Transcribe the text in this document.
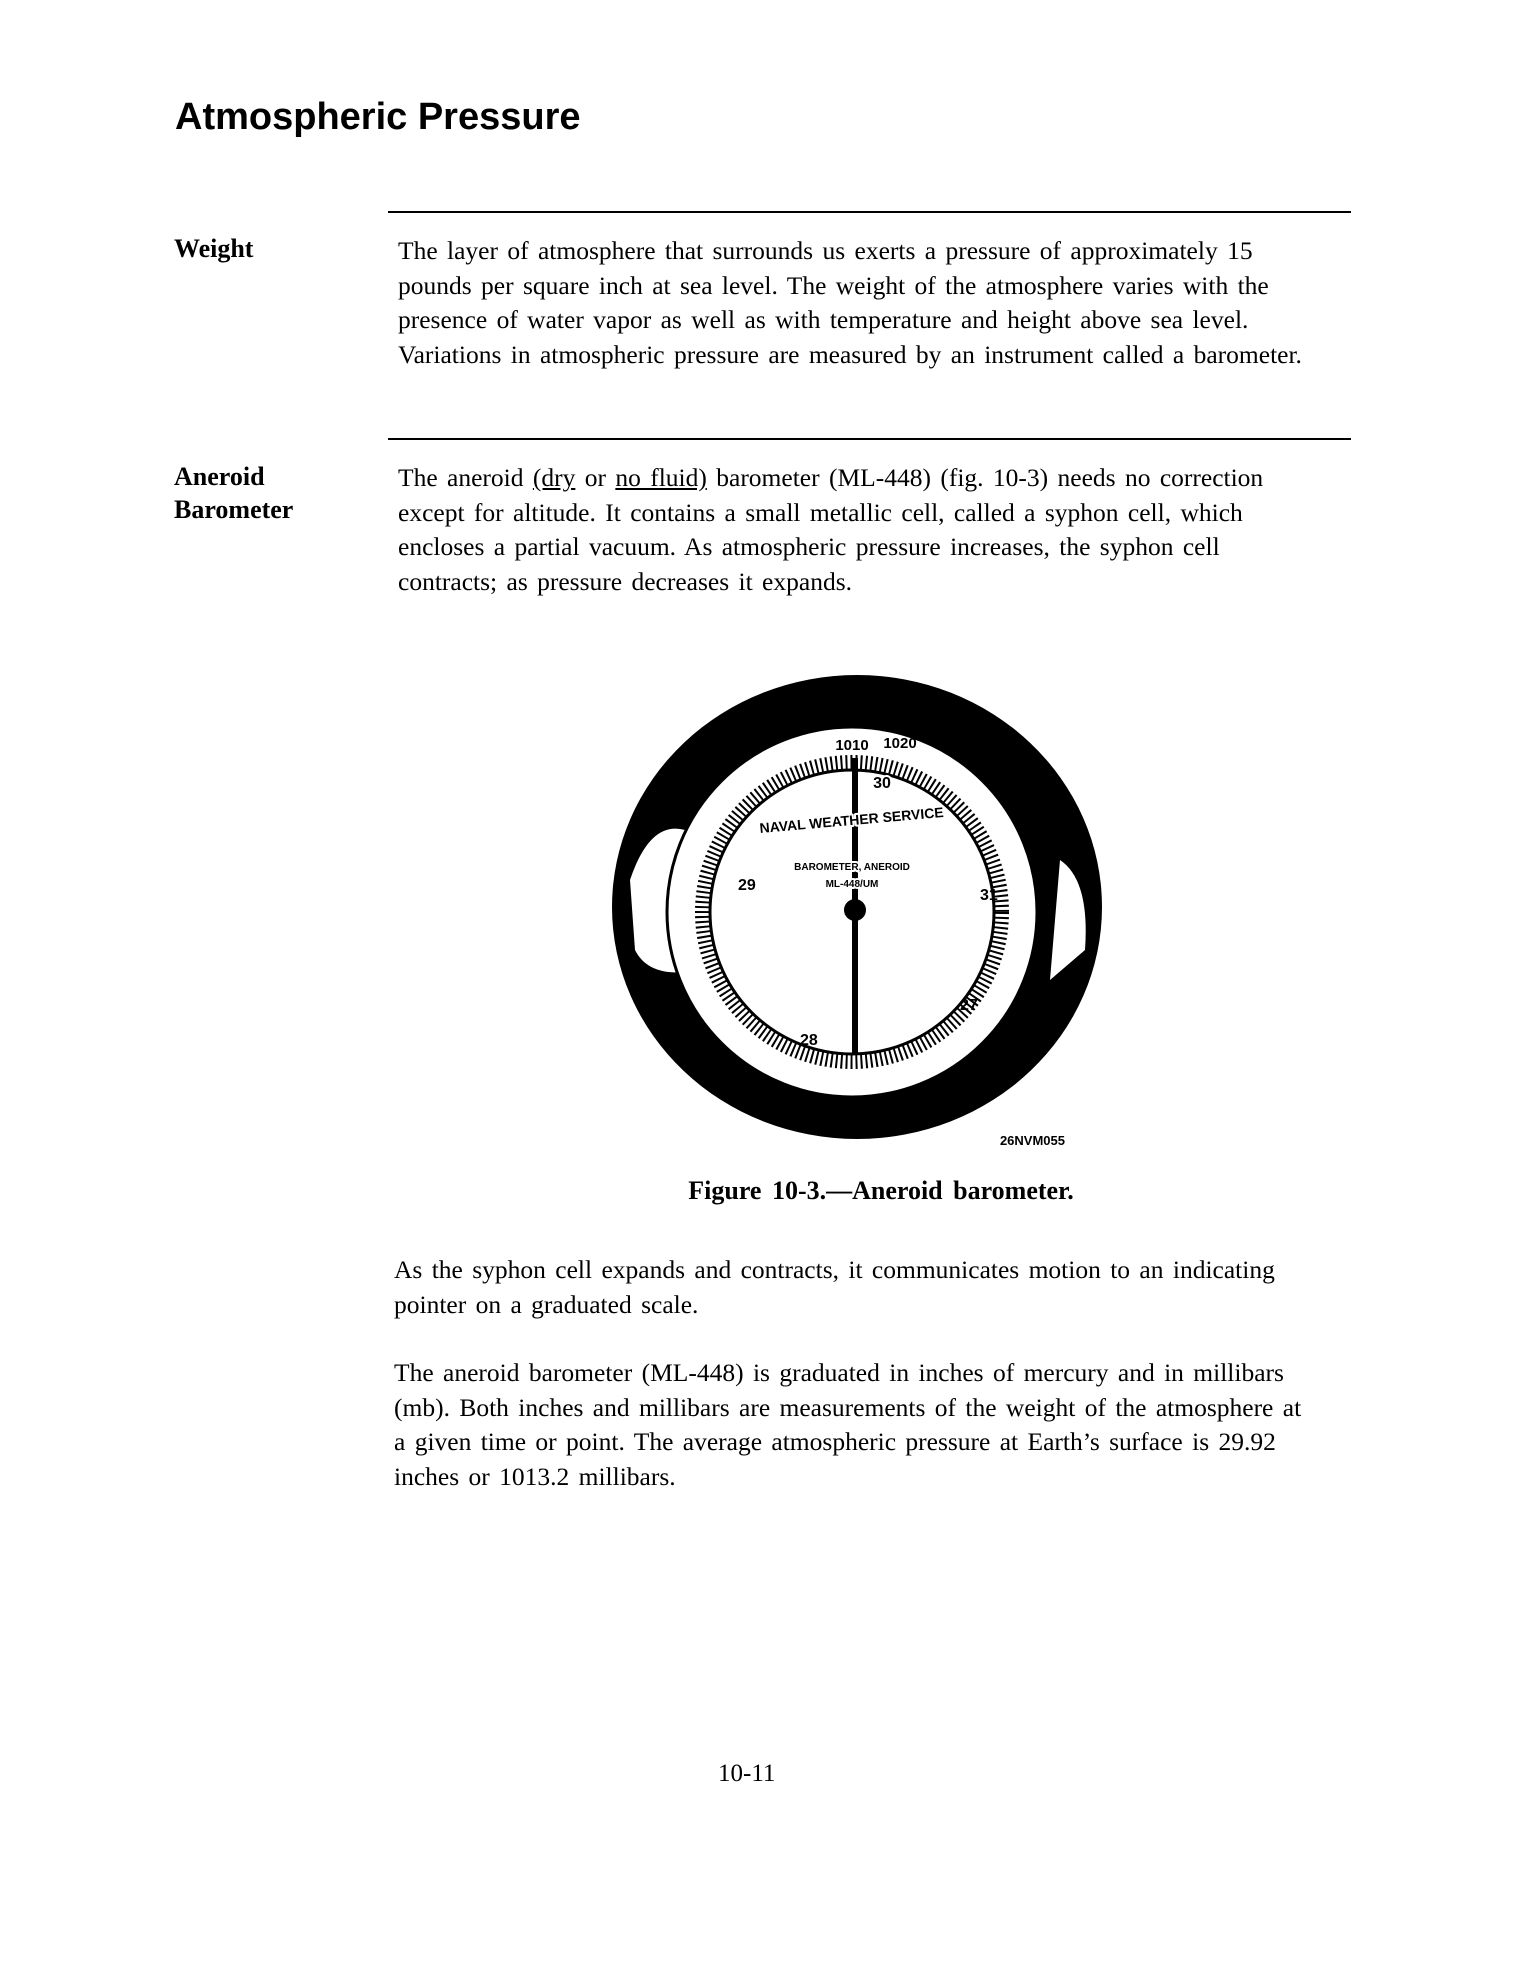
Atmospheric Pressure
Weight	The layer of atmosphere that surrounds us exerts a pressure of approximately 15 pounds per square inch at sea level. The weight of the atmosphere varies with the presence of water vapor as well as with temperature and height above sea level. Variations in atmospheric pressure are measured by an instrument called a barometer.
Aneroid
Barometer
The aneroid (dry or no fluid) barometer (ML-448) (fig. 10-3) needs no correction except for altitude. It contains a small metallic cell, called a syphon cell, which encloses a partial vacuum. As atmospheric pressure increases, the syphon cell contracts; as pressure decreases it expands.
1010 1020
30
NAVAL WEATHER SERVICE
BAROMETER, ANEROID
ML-448/UM
29
31
28
27
26NVM055
Figure 10-3.—Aneroid barometer.
As the syphon cell expands and contracts, it communicates motion to an indicating pointer on a graduated scale.
The aneroid barometer (ML-448) is graduated in inches of mercury and in millibars (mb). Both inches and millibars are measurements of the weight of the atmosphere at a given time or point. The average atmospheric pressure at Earth’s surface is 29.92 inches or 1013.2 millibars.
10-11
